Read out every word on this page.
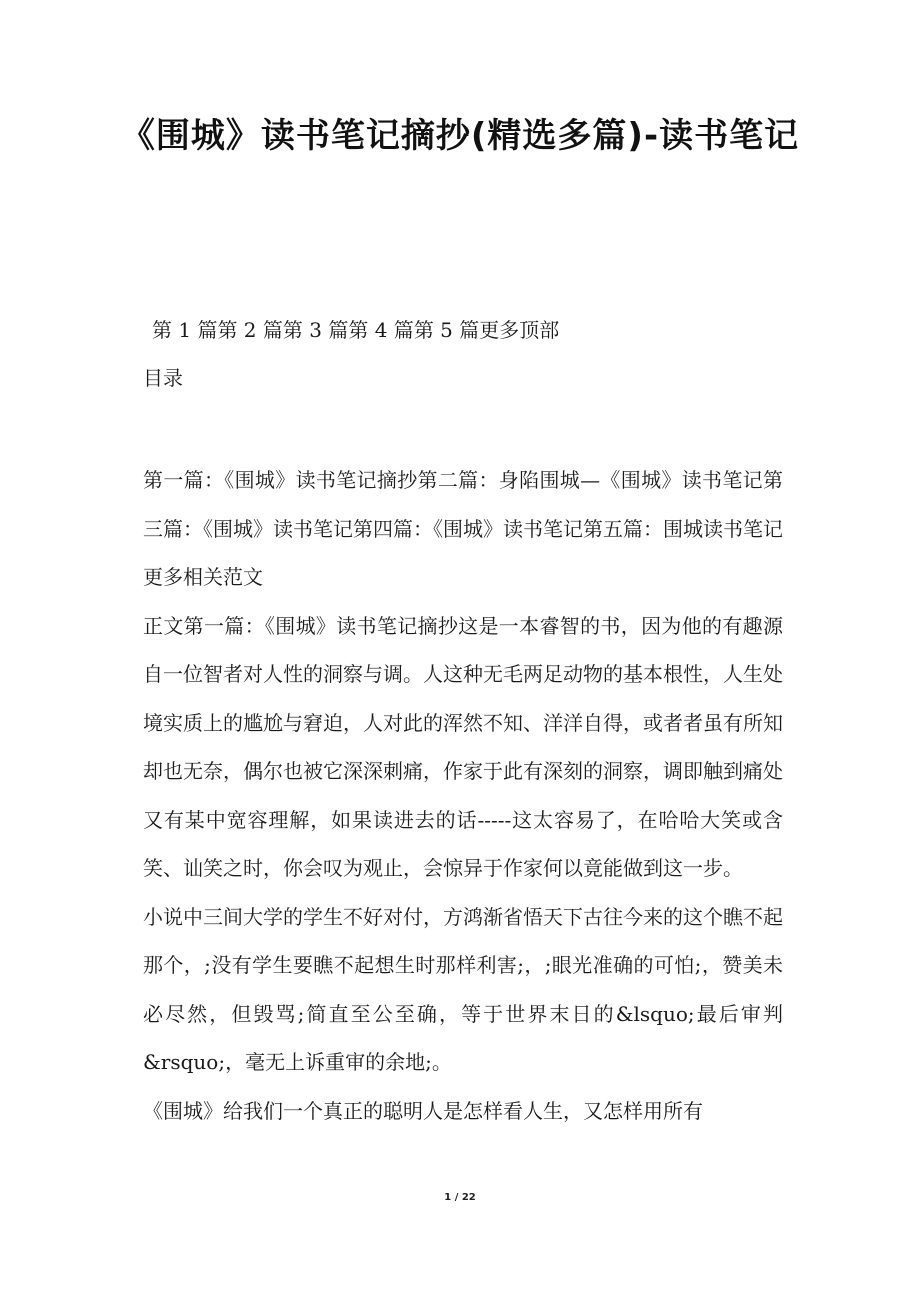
《围城》读书笔记摘抄(精选多篇)-读书笔记
第 1 篇第 2 篇第 3 篇第 4 篇第 5 篇更多顶部
目录

第一篇：《围城》读书笔记摘抄第二篇：身陷围城—《围城》读书笔记第三篇：《围城》读书笔记第四篇：《围城》读书笔记第五篇：围城读书笔记更多相关范文

正文第一篇：《围城》读书笔记摘抄这是一本睿智的书，因为他的有趣源自一位智者对人性的洞察与调。人这种无毛两足动物的基本根性，人生处境实质上的尴尬与窘迫，人对此的浑然不知、洋洋自得，或者者虽有所知却也无奈，偶尔也被它深深刺痛，作家于此有深刻的洞察，调即触到痛处又有某中宽容理解，如果读进去的话-----这太容易了，在哈哈大笑或含笑、讪笑之时，你会叹为观止，会惊异于作家何以竟能做到这一步。

小说中三间大学的学生不好对付，方鸿渐省悟天下古往今来的这个瞧不起那个，;没有学生要瞧不起想生时那样利害;，;眼光准确的可怕;，赞美未必尽然，但毁骂;简直至公至确，等于世界末日的&lsquo;最后审判&rsquo;，毫无上诉重审的余地;。

《围城》给我们一个真正的聪明人是怎样看人生，又怎样用所有

1 / 22
